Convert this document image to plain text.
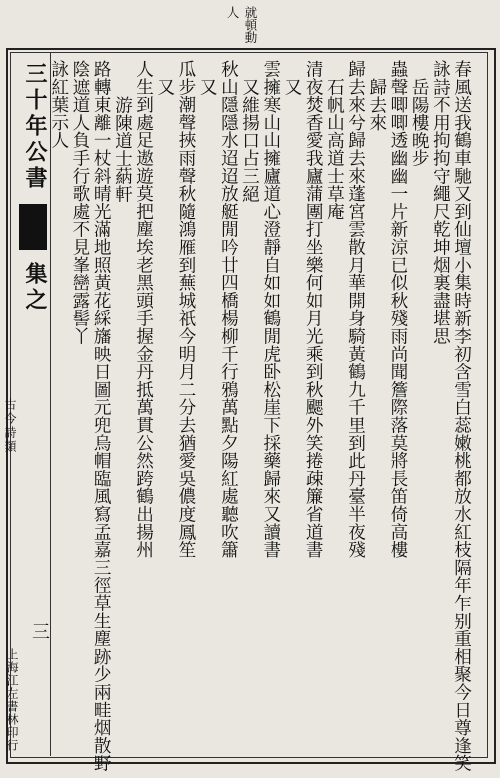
就頓動
人
春風送我鶴車馳又到仙壇小集時新李初含雪白蕊嫩桃都放水紅枝隔年乍别重相聚今日尊逢笑
詠詩不用拘拘守繩尺乾坤烟裏盡堪思
岳陽樓晚步
蟲聲唧唧透幽幽一片新涼已似秋殘雨尚聞簷際落莫將長笛倚高樓
歸去來
歸去來兮歸去來蓬宮雲散月華開身騎黃鶴九千里到此丹臺半夜殘
石帆山高道士草庵
清夜焚香愛我廬蒲團打坐樂何如月光乘到秋颸外笑捲疎簾省道書
又
雲擁寒山山擁廬道心澄靜自如如鶴閒虎卧松崖下採藥歸來又讀書
又維揚口占三絕
秋山隱隱水迢迢放艇閒吟廿四橋楊柳千行鴉萬點夕陽紅處聽吹簫
又
瓜步潮聲挾雨聲秋隨鴻雁到蕪城祇今明月二分去猶愛吳儂度鳳笙
又
人生到處足遨遊莫把塵埃老黑頭手握金丹抵萬貫公然跨鶴出揚州
游陳道士蒳軒
路轉東離一杖斜晴光滿地照黃花綵旛映日圖元兜烏帽臨風寫孟嘉三徑草生塵跡少兩畦烟散野
陰遮道人負手行歌處不見峯巒露髻丫
詠紅葉示人
三十年公書
集之
古今詩類
三
上海江左書林印行
